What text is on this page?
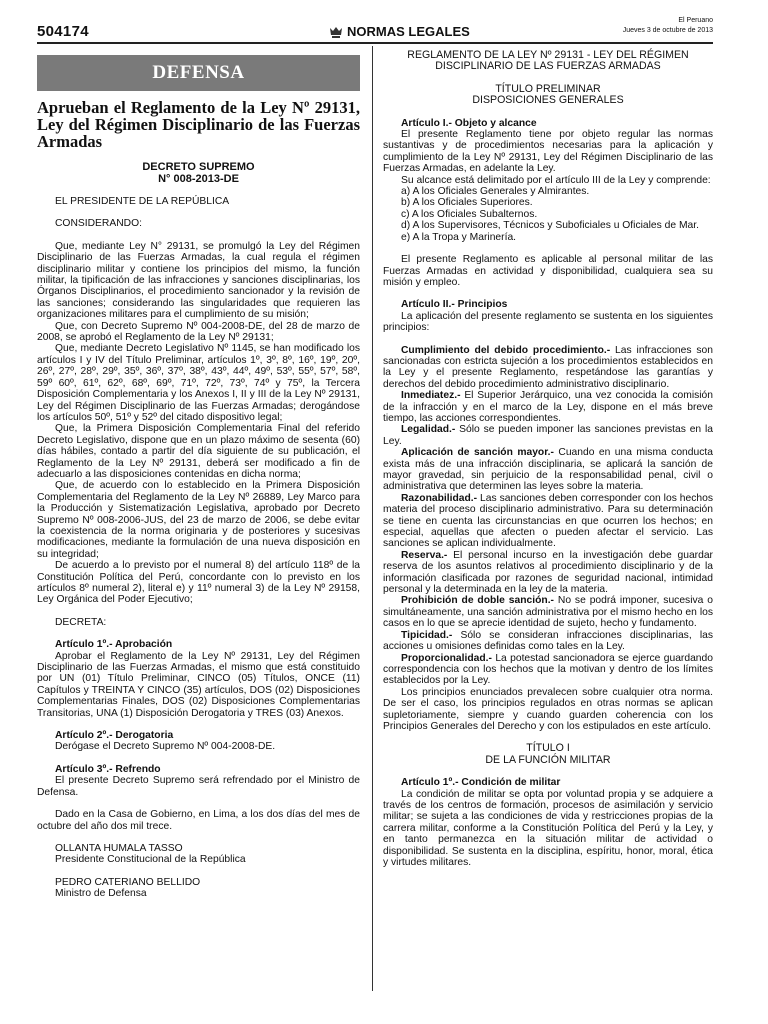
504174	NORMAS LEGALES
El Peruano
Jueves 3 de octubre de 2013
DEFENSA
Aprueban el Reglamento de la Ley Nº 29131, Ley del Régimen Disciplinario de las Fuerzas Armadas
DECRETO SUPREMO
N° 008-2013-DE

EL PRESIDENTE DE LA REPÚBLICA

CONSIDERANDO:

Que, mediante Ley N° 29131, se promulgó la Ley del Régimen Disciplinario de las Fuerzas Armadas, la cual regula el régimen disciplinario militar y contiene los principios del mismo, la función militar, la tipificación de las infracciones y sanciones disciplinarias, los Órganos Disciplinarios, el procedimiento sancionador y la revisión de las sanciones; considerando las singularidades que requieren las organizaciones militares para el cumplimiento de su misión;

Que, con Decreto Supremo Nº 004-2008-DE, del 28 de marzo de 2008, se aprobó el Reglamento de la Ley Nº 29131;

Que, mediante Decreto Legislativo Nº 1145, se han modificado los artículos I y IV del Título Preliminar, artículos 1º, 3º, 8º, 16º, 19º, 20º, 26º, 27º, 28º, 29º, 35º, 36º, 37º, 38º, 43º, 44º, 49º, 53º, 55º, 57º, 58º, 59º 60º, 61º, 62º, 68º, 69º, 71º, 72º, 73º, 74º y 75º, la Tercera Disposición Complementaria y los Anexos I, II y III de la Ley Nº 29131, Ley del Régimen Disciplinario de las Fuerzas Armadas; derogándose los artículos 50º, 51º y 52º del citado dispositivo legal;

Que, la Primera Disposición Complementaria Final del referido Decreto Legislativo, dispone que en un plazo máximo de sesenta (60) días hábiles, contado a partir del día siguiente de su publicación, el Reglamento de la Ley Nº 29131, deberá ser modificado a fin de adecuarlo a las disposiciones contenidas en dicha norma;

Que, de acuerdo con lo establecido en la Primera Disposición Complementaria del Reglamento de la Ley Nº 26889, Ley Marco para la Producción y Sistematización Legislativa, aprobado por Decreto Supremo Nº 008-2006-JUS, del 23 de marzo de 2006, se debe evitar la coexistencia de la norma originaria y de posteriores y sucesivas modificaciones, mediante la formulación de una nueva disposición en su integridad;

De acuerdo a lo previsto por el numeral 8) del artículo 118º de la Constitución Política del Perú, concordante con lo previsto en los artículos 8º numeral 2), literal e) y 11º numeral 3) de la Ley Nº 29158, Ley Orgánica del Poder Ejecutivo;

DECRETA:

Artículo 1º.- Aprobación

Aprobar el Reglamento de la Ley Nº 29131, Ley del Régimen Disciplinario de las Fuerzas Armadas, el mismo que está constituido por UN (01) Título Preliminar, CINCO (05) Títulos, ONCE (11) Capítulos y TREINTA Y CINCO (35) artículos, DOS (02) Disposiciones Complementarias Finales, DOS (02) Disposiciones Complementarias Transitorias, UNA (1) Disposición Derogatoria y TRES (03) Anexos.

Artículo 2º.- Derogatoria

Derógase el Decreto Supremo Nº 004-2008-DE.

Artículo 3º.- Refrendo

El presente Decreto Supremo será refrendado por el Ministro de Defensa.

Dado en la Casa de Gobierno, en Lima, a los dos días del mes de octubre del año dos mil trece.

OLLANTA HUMALA TASSO

Presidente Constitucional de la República

PEDRO CATERIANO BELLIDO

Ministro de Defensa

REGLAMENTO DE LA LEY Nº 29131 - LEY DEL RÉGIMEN DISCIPLINARIO DE LAS FUERZAS ARMADAS
TÍTULO PRELIMINAR
DISPOSICIONES GENERALES

Artículo I.- Objeto y alcance

El presente Reglamento tiene por objeto regular las normas sustantivas y de procedimientos necesarias para la aplicación y cumplimiento de la Ley Nº 29131, Ley del Régimen Disciplinario de las Fuerzas Armadas, en adelante la Ley.

Su alcance está delimitado por el artículo III de la Ley y comprende:

a) A los Oficiales Generales y Almirantes.

b) A los Oficiales Superiores.

c) A los Oficiales Subalternos.

d) A los Supervisores, Técnicos y Suboficiales u Oficiales de Mar.

e) A la Tropa y Marinería.

El presente Reglamento es aplicable al personal militar de las Fuerzas Armadas en actividad y disponibilidad, cualquiera sea su misión y empleo.

Artículo II.- Principios

La aplicación del presente reglamento se sustenta en los siguientes principios:

Cumplimiento del debido procedimiento.- Las infracciones son sancionadas con estricta sujeción a los procedimientos establecidos en la Ley y el presente Reglamento, respetándose las garantías y derechos del debido procedimiento administrativo disciplinario.

Inmediatez.- El Superior Jerárquico, una vez conocida la comisión de la infracción y en el marco de la Ley, dispone en el más breve tiempo, las acciones correspondientes.

Legalidad.- Sólo se pueden imponer las sanciones previstas en la Ley.

Aplicación de sanción mayor.- Cuando en una misma conducta exista más de una infracción disciplinaria, se aplicará la sanción de mayor gravedad, sin perjuicio de la responsabilidad penal, civil o administrativa que determinen las leyes sobre la materia.

Razonabilidad.- Las sanciones deben corresponder con los hechos materia del proceso disciplinario administrativo. Para su determinación se tiene en cuenta las circunstancias en que ocurren los hechos; en especial, aquellas que afecten o pueden afectar el servicio. Las sanciones se aplican individualmente.

Reserva.- El personal incurso en la investigación debe guardar reserva de los asuntos relativos al procedimiento disciplinario y de la información clasificada por razones de seguridad nacional, intimidad personal y la determinada en la ley de la materia.

Prohibición de doble sanción.- No se podrá imponer, sucesiva o simultáneamente, una sanción administrativa por el mismo hecho en los casos en lo que se aprecie identidad de sujeto, hecho y fundamento.

Tipicidad.- Sólo se consideran infracciones disciplinarias, las acciones u omisiones definidas como tales en la Ley.

Proporcionalidad.- La potestad sancionadora se ejerce guardando correspondencia con los hechos que la motivan y dentro de los límites establecidos por la Ley.

Los principios enunciados prevalecen sobre cualquier otra norma. De ser el caso, los principios regulados en otras normas se aplican supletoriamente, siempre y cuando guarden coherencia con los Principios Generales del Derecho y con los estipulados en este artículo.

TÍTULO I
DE LA FUNCIÓN MILITAR

Artículo 1º.- Condición de militar

La condición de militar se opta por voluntad propia y se adquiere a través de los centros de formación, procesos de asimilación y servicio militar; se sujeta a las condiciones de vida y restricciones propias de la carrera militar, conforme a la Constitución Política del Perú y la Ley, y en tanto permanezca en la situación militar de actividad o disponibilidad. Se sustenta en la disciplina, espíritu, honor, moral, ética y virtudes militares.
